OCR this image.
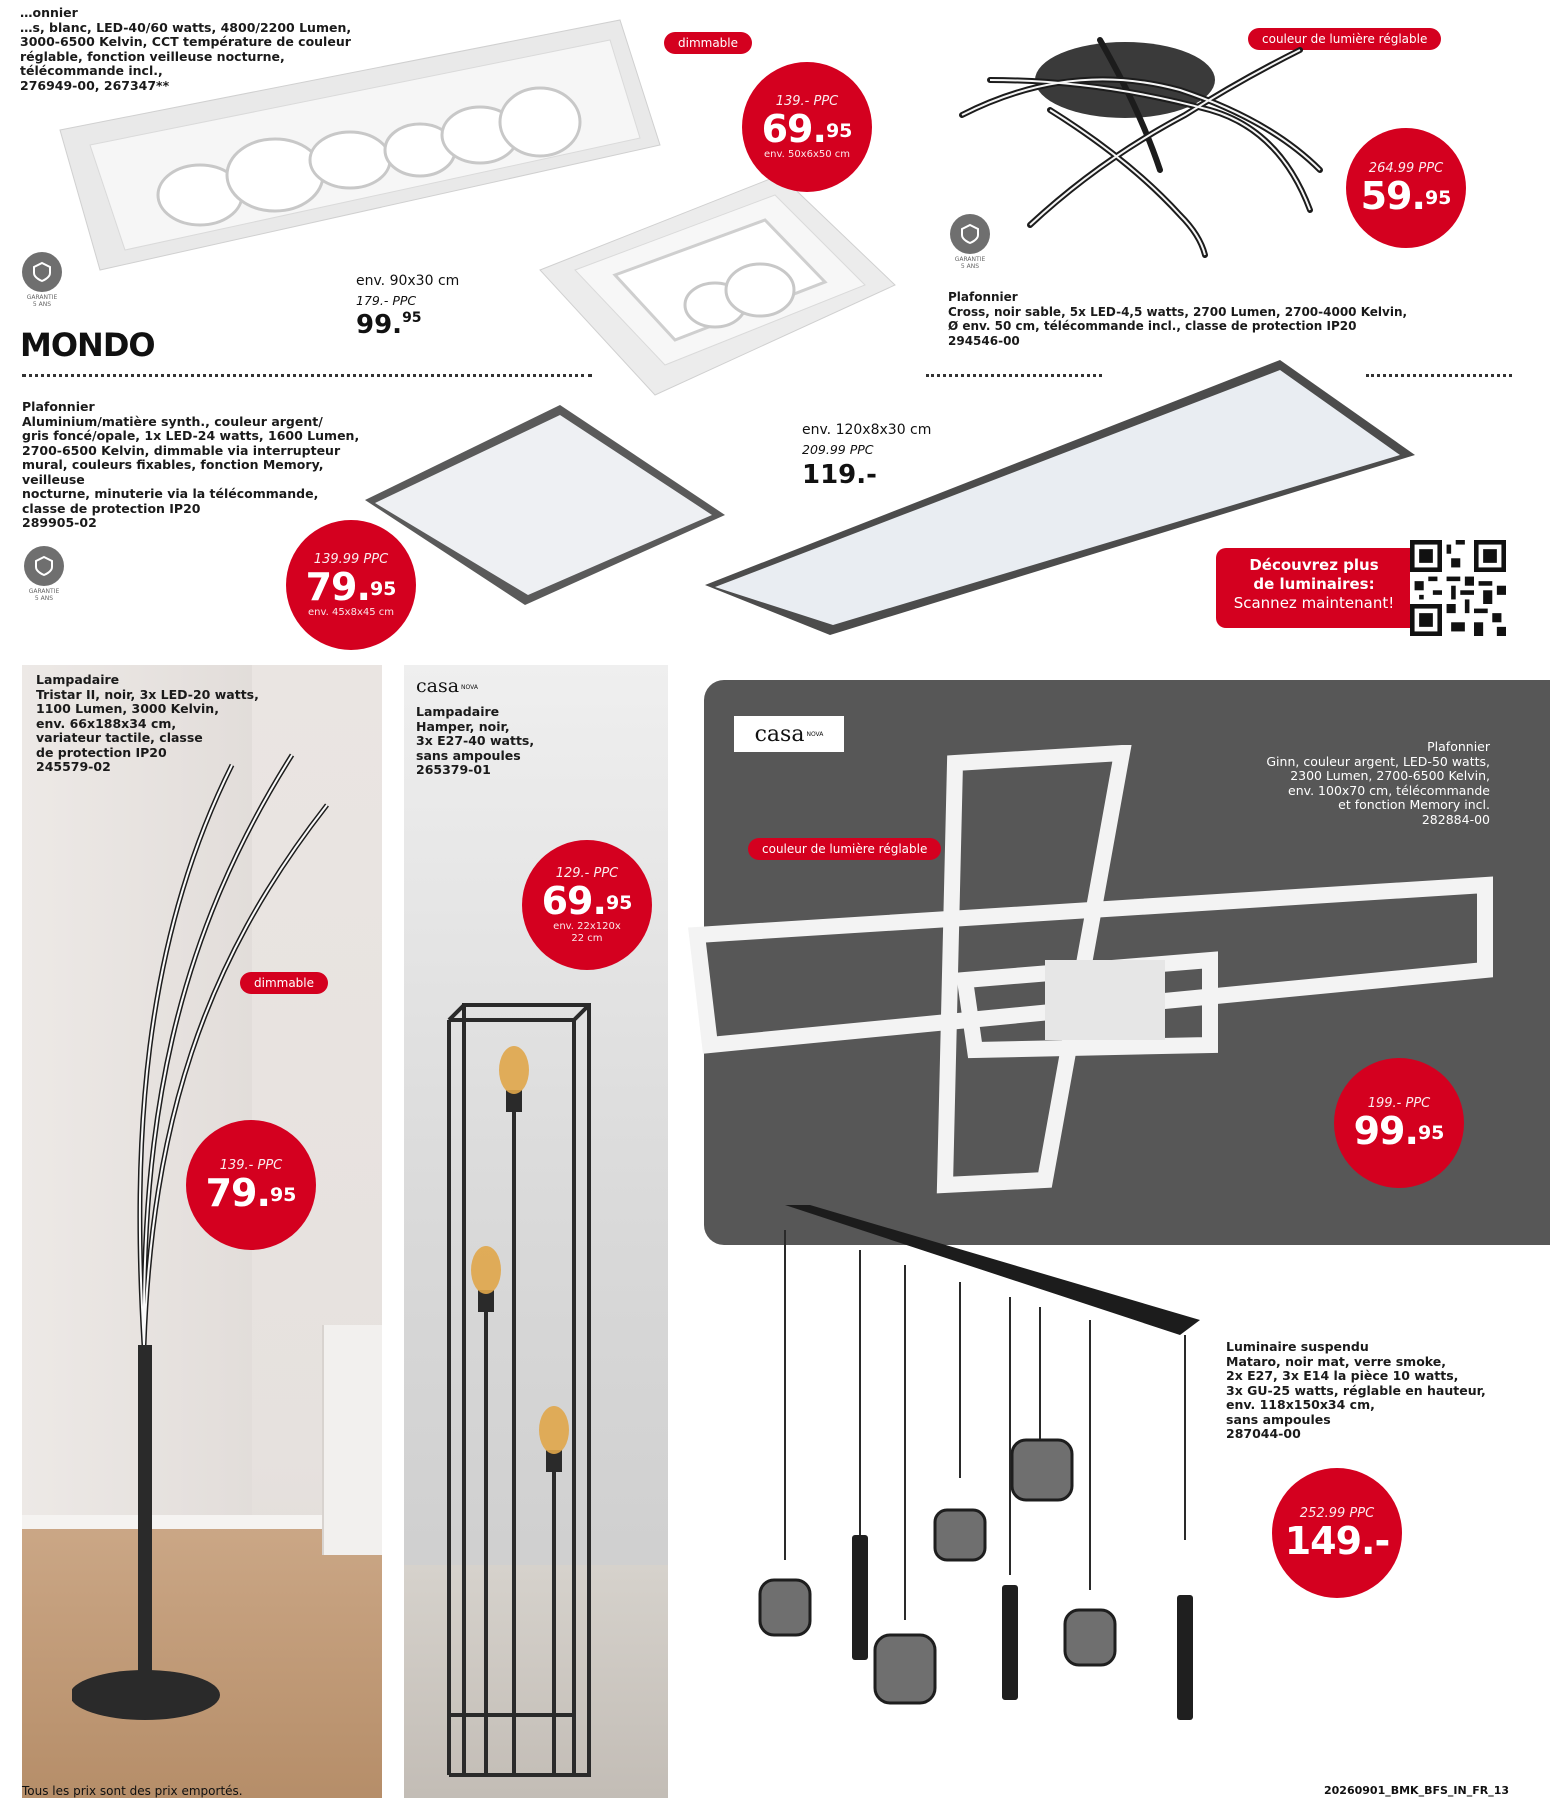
…onnier
…s, blanc, LED-40/60 watts, 4800/2200 Lumen,
3000-6500 Kelvin, CCT température de couleur
réglable, fonction veilleuse nocturne,
télécommande incl.,
276949-00, 267347**
dimmable
139.- PPC
69.95
env. 50x6x50 cm
GARANTIE
5 ANS
MONDO
env. 90x30 cm
179.- PPC
99.95
couleur de lumière réglable
264.99 PPC
59.95
GARANTIE
5 ANS
Plafonnier
Cross, noir sable, 5x LED-4,5 watts, 2700 Lumen, 2700-4000 Kelvin,
Ø env. 50 cm, télécommande incl., classe de protection IP20
294546-00
Plafonnier
Aluminium/matière synth., couleur argent/
gris foncé/opale, 1x LED-24 watts, 1600 Lumen,
2700-6500 Kelvin, dimmable via interrupteur
mural, couleurs fixables, fonction Memory, veilleuse
nocturne, minuterie via la télécommande,
classe de protection IP20
289905-02
GARANTIE
5 ANS
139.99 PPC
79.95
env. 45x8x45 cm
env. 120x8x30 cm
209.99 PPC
119.-
Découvrez plus
de luminaires:
Scannez maintenant!
Lampadaire
Tristar II, noir, 3x LED-20 watts,
1100 Lumen, 3000 Kelvin,
env. 66x188x34 cm,
variateur tactile, classe
de protection IP20
245579-02
dimmable
139.- PPC
79.95
casa NOVA
Lampadaire
Hamper, noir,
3x E27-40 watts,
sans ampoules
265379-01
129.- PPC
69.95
env. 22x120x
22 cm
casa NOVA
Plafonnier
Ginn, couleur argent, LED-50 watts,
2300 Lumen, 2700-6500 Kelvin,
env. 100x70 cm, télécommande
et fonction Memory incl.
282884-00
couleur de lumière réglable
199.- PPC
99.95
Luminaire suspendu
Mataro, noir mat, verre smoke,
2x E27, 3x E14 la pièce 10 watts,
3x GU-25 watts, réglable en hauteur,
env. 118x150x34 cm,
sans ampoules
287044-00
252.99 PPC
149.-
Tous les prix sont des prix emportés.	20260901_BMK_BFS_IN_FR_13
